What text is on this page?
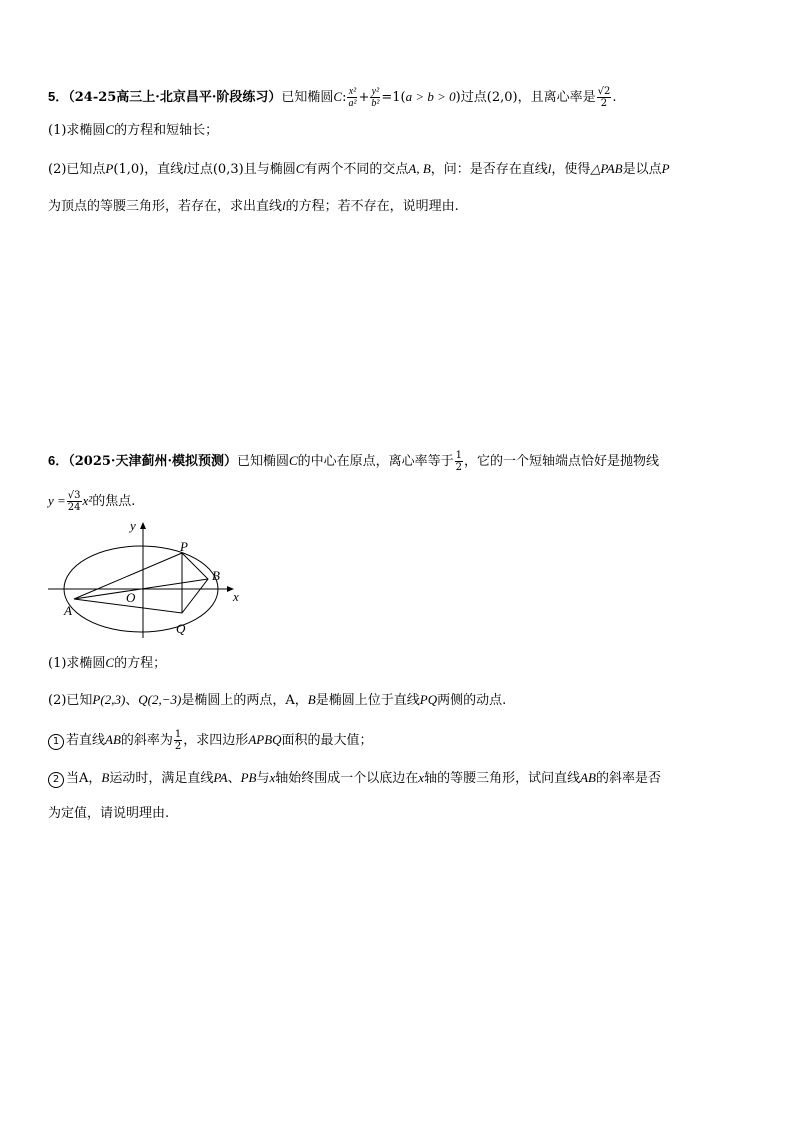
5．（24-25高三上·北京昌平·阶段练习）已知椭圆C: $\frac{\text{x²}}{\text{a²}} + \frac{\text{y²}}{\text{b²}} =1(a > b > 0)$过点(2,0)，且离心率是 $\frac{√2}{2}$ .
(1)求椭圆C的方程和短轴长；
(2)已知点P(1,0)，直线l过点(0,3)且与椭圆C有两个不同的交点A, B，问：是否存在直线l，使得△PAB是以点P
为顶点的等腰三角形，若存在，求出直线l的方程；若不存在，说明理由.
6．（2025·天津蓟州·模拟预测）已知椭圆C的中心在原点，离心率等于 $\frac{1}{2}$ ，它的一个短轴端点恰好是抛物线
$y = \frac{√3}{24} x^2$的焦点.
y
x
O
P
B
A
Q
(1)求椭圆C的方程；
(2)已知P(2,3)、Q(2,−3)是椭圆上的两点，A，B是椭圆上位于直线PQ两侧的动点.
1 若直线AB的斜率为 $\frac{1}{2}$ ，求四边形APBQ面积的最大值；
2 当A，B运动时，满足直线PA、PB与x轴始终围成一个以底边在x轴的等腰三角形，试问直线AB的斜率是否
为定值，请说明理由.
